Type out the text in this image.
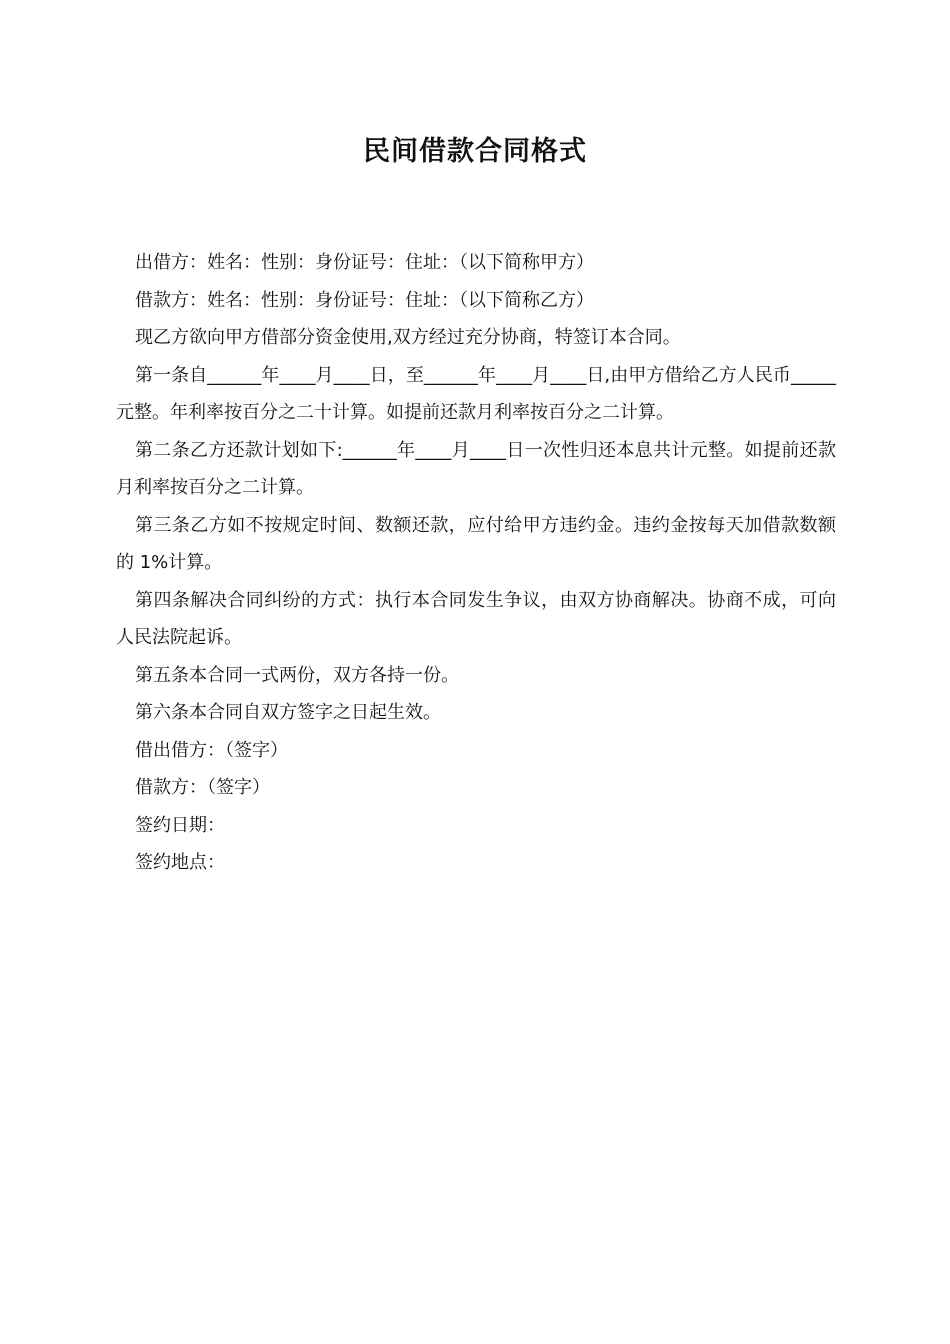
民间借款合同格式

出借方：姓名：性别：身份证号：住址：（以下简称甲方）

借款方：姓名：性别：身份证号：住址：（以下简称乙方）

现乙方欲向甲方借部分资金使用,双方经过充分协商，特签订本合同。

第一条自______年____月____日，至______年____月____日,由甲方借给乙方人民币_____元整。年利率按百分之二十计算。如提前还款月利率按百分之二计算。

第二条乙方还款计划如下:______年____月____日一次性归还本息共计元整。如提前还款月利率按百分之二计算。

第三条乙方如不按规定时间、数额还款，应付给甲方违约金。违约金按每天加借款数额的 1%计算。

第四条解决合同纠纷的方式：执行本合同发生争议，由双方协商解决。协商不成，可向人民法院起诉。

第五条本合同一式两份，双方各持一份。

第六条本合同自双方签字之日起生效。

借出借方：（签字）

借款方：（签字）

签约日期：

签约地点：
